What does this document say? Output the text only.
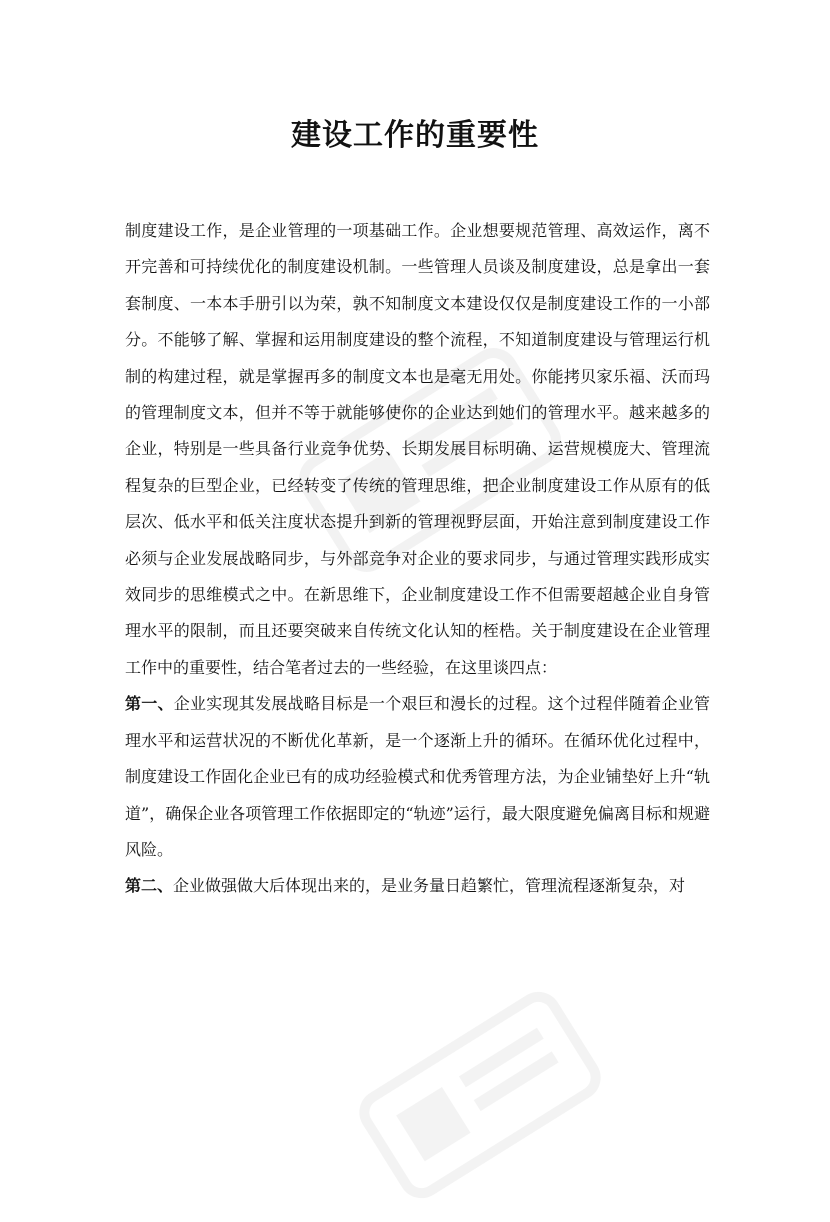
建设工作的重要性

制度建设工作，是企业管理的一项基础工作。企业想要规范管理、高效运作，离不开完善和可持续优化的制度建设机制。一些管理人员谈及制度建设，总是拿出一套套制度、一本本手册引以为荣，孰不知制度文本建设仅仅是制度建设工作的一小部分。不能够了解、掌握和运用制度建设的整个流程，不知道制度建设与管理运行机制的构建过程，就是掌握再多的制度文本也是毫无用处。你能拷贝家乐福、沃而玛的管理制度文本，但并不等于就能够使你的企业达到她们的管理水平。越来越多的企业，特别是一些具备行业竞争优势、长期发展目标明确、运营规模庞大、管理流程复杂的巨型企业，已经转变了传统的管理思维，把企业制度建设工作从原有的低层次、低水平和低关注度状态提升到新的管理视野层面，开始注意到制度建设工作必须与企业发展战略同步，与外部竞争对企业的要求同步，与通过管理实践形成实效同步的思维模式之中。在新思维下，企业制度建设工作不但需要超越企业自身管理水平的限制，而且还要突破来自传统文化认知的桎梏。关于制度建设在企业管理工作中的重要性，结合笔者过去的一些经验，在这里谈四点：

第一、企业实现其发展战略目标是一个艰巨和漫长的过程。这个过程伴随着企业管理水平和运营状况的不断优化革新，是一个逐渐上升的循环。在循环优化过程中，制度建设工作固化企业已有的成功经验模式和优秀管理方法，为企业铺垫好上升“轨道”，确保企业各项管理工作依据即定的“轨迹”运行，最大限度避免偏离目标和规避风险。

第二、企业做强做大后体现出来的，是业务量日趋繁忙，管理流程逐渐复杂，对
